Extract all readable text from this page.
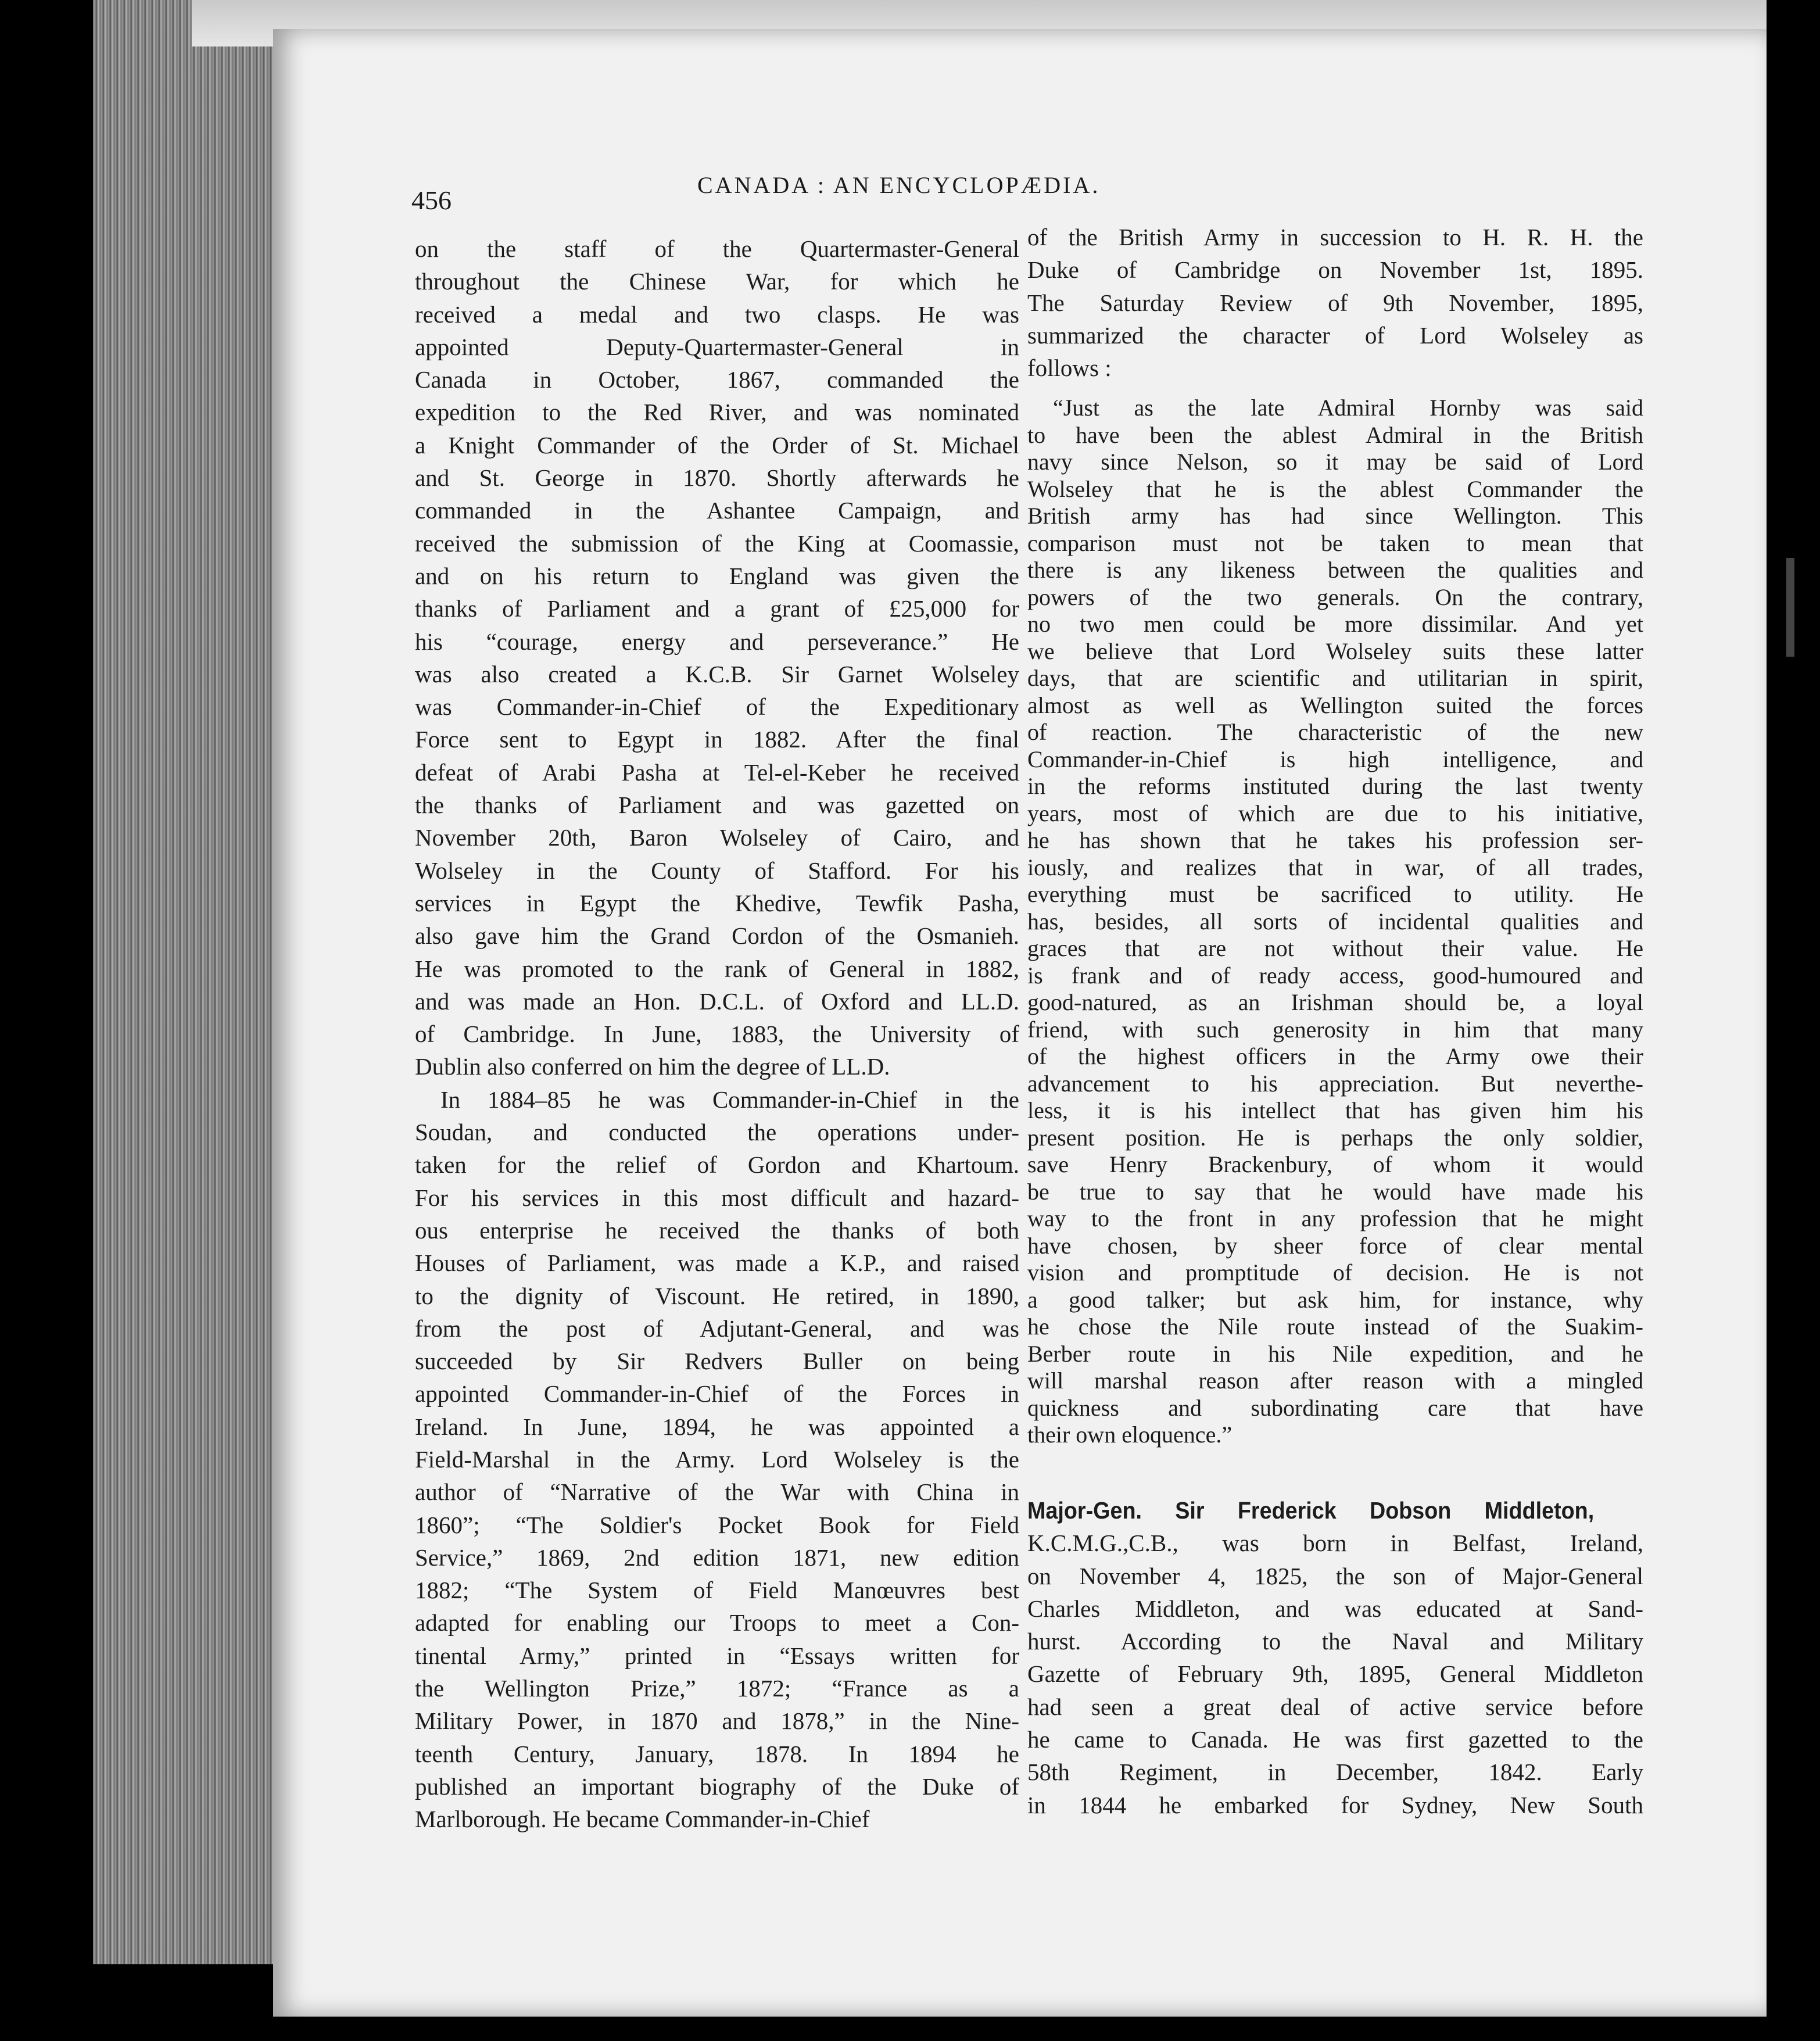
456
CANADA : AN ENCYCLOPÆDIA.
on the staff of the Quartermaster-General
throughout the Chinese War, for which he
received a medal and two clasps. He was
appointed Deputy-Quartermaster-General in
Canada in October, 1867, commanded the
expedition to the Red River, and was nominated
a Knight Commander of the Order of St. Michael
and St. George in 1870. Shortly afterwards he
commanded in the Ashantee Campaign, and
received the submission of the King at Coomassie,
and on his return to England was given the
thanks of Parliament and a grant of £25,000 for
his “courage, energy and perseverance.” He
was also created a K.C.B. Sir Garnet Wolseley
was Commander-in-Chief of the Expeditionary
Force sent to Egypt in 1882. After the final
defeat of Arabi Pasha at Tel-el-Keber he received
the thanks of Parliament and was gazetted on
November 20th, Baron Wolseley of Cairo, and
Wolseley in the County of Stafford. For his
services in Egypt the Khedive, Tewfik Pasha,
also gave him the Grand Cordon of the Osmanieh.
He was promoted to the rank of General in 1882,
and was made an Hon. D.C.L. of Oxford and LL.D.
of Cambridge. In June, 1883, the University of
Dublin also conferred on him the degree of LL.D.
In 1884–85 he was Commander-in-Chief in the
Soudan, and conducted the operations under-
taken for the relief of Gordon and Khartoum.
For his services in this most difficult and hazard-
ous enterprise he received the thanks of both
Houses of Parliament, was made a K.P., and raised
to the dignity of Viscount. He retired, in 1890,
from the post of Adjutant-General, and was
succeeded by Sir Redvers Buller on being
appointed Commander-in-Chief of the Forces in
Ireland. In June, 1894, he was appointed a
Field-Marshal in the Army. Lord Wolseley is the
author of “Narrative of the War with China in
1860”; “The Soldier's Pocket Book for Field
Service,” 1869, 2nd edition 1871, new edition
1882; “The System of Field Manœuvres best
adapted for enabling our Troops to meet a Con-
tinental Army,” printed in “Essays written for
the Wellington Prize,” 1872; “France as a
Military Power, in 1870 and 1878,” in the Nine-
teenth Century, January, 1878. In 1894 he
published an important biography of the Duke of
Marlborough. He became Commander-in-Chief
of the British Army in succession to H. R. H. the
Duke of Cambridge on November 1st, 1895.
The Saturday Review of 9th November, 1895,
summarized the character of Lord Wolseley as
follows :
“Just as the late Admiral Hornby was said
to have been the ablest Admiral in the British
navy since Nelson, so it may be said of Lord
Wolseley that he is the ablest Commander the
British army has had since Wellington. This
comparison must not be taken to mean that
there is any likeness between the qualities and
powers of the two generals. On the contrary,
no two men could be more dissimilar. And yet
we believe that Lord Wolseley suits these latter
days, that are scientific and utilitarian in spirit,
almost as well as Wellington suited the forces
of reaction. The characteristic of the new
Commander-in-Chief is high intelligence, and
in the reforms instituted during the last twenty
years, most of which are due to his initiative,
he has shown that he takes his profession ser-
iously, and realizes that in war, of all trades,
everything must be sacrificed to utility. He
has, besides, all sorts of incidental qualities and
graces that are not without their value. He
is frank and of ready access, good-humoured and
good-natured, as an Irishman should be, a loyal
friend, with such generosity in him that many
of the highest officers in the Army owe their
advancement to his appreciation. But neverthe-
less, it is his intellect that has given him his
present position. He is perhaps the only soldier,
save Henry Brackenbury, of whom it would
be true to say that he would have made his
way to the front in any profession that he might
have chosen, by sheer force of clear mental
vision and promptitude of decision. He is not
a good talker; but ask him, for instance, why
he chose the Nile route instead of the Suakim-
Berber route in his Nile expedition, and he
will marshal reason after reason with a mingled
quickness and subordinating care that have
their own eloquence.”
Major-Gen. Sir Frederick Dobson Middleton,
K.C.M.G.,C.B., was born in Belfast, Ireland,
on November 4, 1825, the son of Major-General
Charles Middleton, and was educated at Sand-
hurst. According to the Naval and Military
Gazette of February 9th, 1895, General Middleton
had seen a great deal of active service before
he came to Canada. He was first gazetted to the
58th Regiment, in December, 1842. Early
in 1844 he embarked for Sydney, New South
